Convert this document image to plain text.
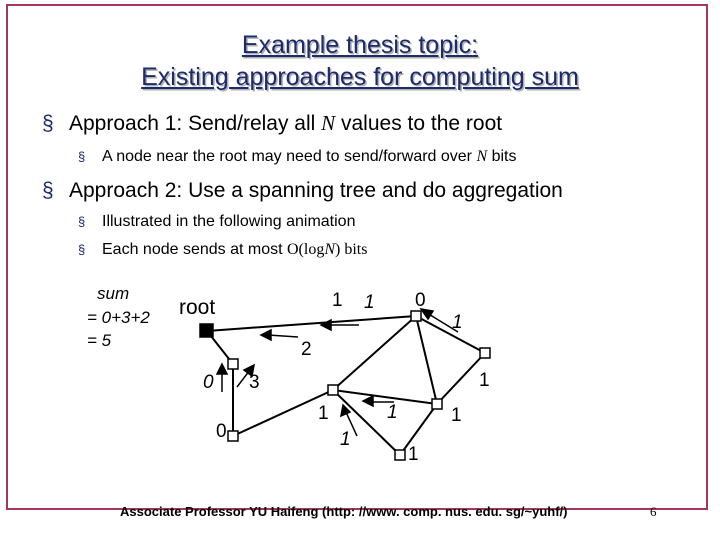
Example thesis topic:
Existing approaches for computing sum
§ Approach 1: Send/relay all N values to the root
§ A node near the root may need to send/forward over N bits
§ Approach 2: Use a spanning tree and do aggregation
§ Illustrated in the following animation
§ Each node sends at most O(logN) bits
sum
= 0+3+2
= 5
root	1 1 0
1
2
0 3	1
0
1
1
1	1
1
Associate Professor YU Haifeng (http: //www. comp. nus. edu. sg/~yuhf/)	6
